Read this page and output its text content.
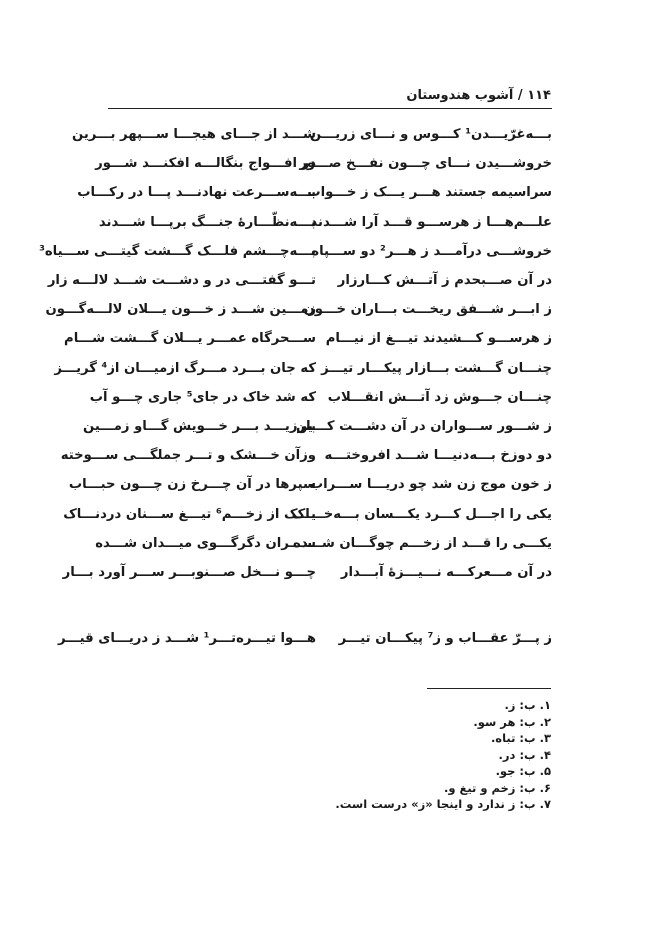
۱۱۴ / آشوب هندوستان
بـــه‌غرّیـــدن¹ کـــوس و نـــای زریـــن
شـــد از جـــای هیجـــا ســـپهر بـــرین
خروشـــیدن نـــای چـــون نفـــخ صـــور
در افـــواج بنگالـــه افکنـــد شـــور
سراسیمه جستند هـــر یـــک ز خـــواب
بـــه‌ســـرعت نهادنـــد پـــا در رکـــاب
علـــم‌هـــا ز هرســـو قـــد آرا شـــدند
بـــه‌نظّـــارهٔ جنـــگ برپـــا شـــدند
خروشـــی درآمـــد ز هـــر² دو ســـپاه
بـــه‌چـــشم فلـــک گـــشت گیتـــی ســـیاه³
در آن صـــبحدم ز آتـــش کـــارزار
تـــو گفتـــی در و دشـــت شـــد لالـــه زار
ز ابـــر شـــفق ریخـــت بـــاران خـــون
زمـــین شـــد ز خـــون یـــلان لالـــه‌گـــون
ز هرســـو کـــشیدند تیـــغ از نیـــام
ســـحرگاه عمـــر یـــلان گـــشت شـــام
چنـــان گـــشت بـــازار پیکـــار تیـــز
که جان بـــرد مـــرگ ازمیـــان از⁴ گریـــز
چنـــان جـــوش زد آتـــش انقـــلاب
که شد خاک در جای⁵ جاری چـــو آب
ز شـــور ســـواران در آن دشـــت کـــین
بلرزیـــد بـــر خـــویش گـــاو زمـــین
دو دوزخ بـــه‌دنیـــا شـــد افروختـــه
وزآن خـــشک و تـــر جملگـــی ســـوخته
ز خون موج زن شد چو دریـــا ســـراب
سپرها در آن چـــرخ زن چـــون حبـــاب
یکی را اجـــل کـــرد یکـــسان بـــه‌خـــاک
یـــک از زخـــم⁶ تیـــغ ســـنان دردنـــاک
یکـــی را قـــد از زخـــم چوگـــان شـــده
ســـران دگرگـــوی میـــدان شـــده
در آن مـــعرکـــه نـــیـــزهٔ آبـــدار
چـــو نـــخل صـــنوبـــر ســـر آورد بـــار
ز پـــرّ عقـــاب و ز⁷ پیکـــان تیـــر
هـــوا تیـــره‌تـــر¹ شـــد ز دریـــای قیـــر
۱. ب: ز.
۲. ب: هر سو.
۳. ب: تباه.
۴. ب: در.
۵. ب: جو.
۶. ب: زخم و تیغ و.
۷. ب: ز ندارد و اینجا «ز» درست است.
